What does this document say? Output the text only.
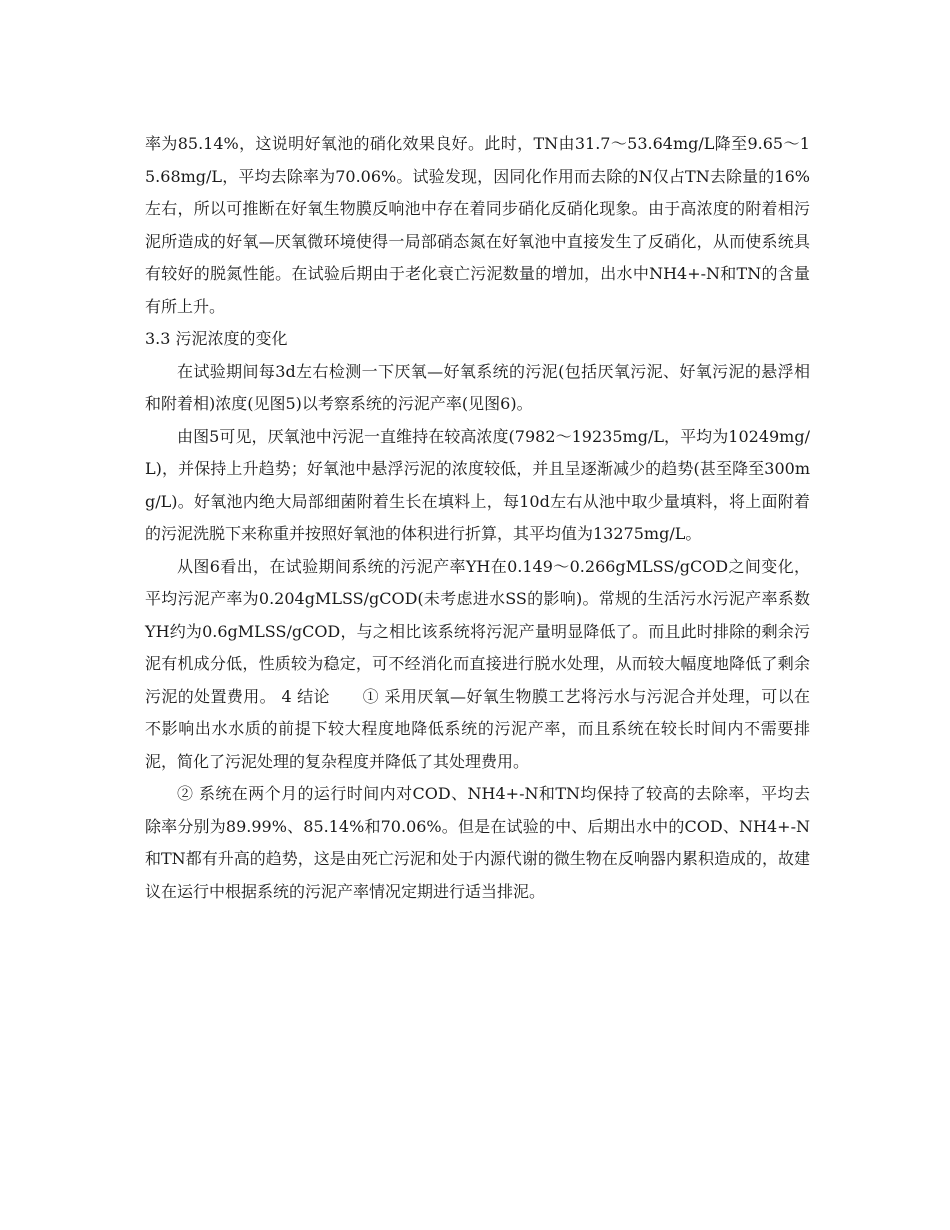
率为85.14%，这说明好氧池的硝化效果良好。此时，TN由31.7～53.64mg/L降至9.65～15.68mg/L，平均去除率为70.06%。试验发现，因同化作用而去除的N仅占TN去除量的16%左右，所以可推断在好氧生物膜反响池中存在着同步硝化反硝化现象。由于高浓度的附着相污泥所造成的好氧—厌氧微环境使得一局部硝态氮在好氧池中直接发生了反硝化，从而使系统具有较好的脱氮性能。在试验后期由于老化衰亡污泥数量的增加，出水中NH4+-N和TN的含量有所上升。

3.3 污泥浓度的变化

在试验期间每3d左右检测一下厌氧—好氧系统的污泥(包括厌氧污泥、好氧污泥的悬浮相和附着相)浓度(见图5)以考察系统的污泥产率(见图6)。

由图5可见，厌氧池中污泥一直维持在较高浓度(7982～19235mg/L，平均为10249mg/L)，并保持上升趋势；好氧池中悬浮污泥的浓度较低，并且呈逐渐减少的趋势(甚至降至300mg/L)。好氧池内绝大局部细菌附着生长在填料上，每10d左右从池中取少量填料，将上面附着的污泥洗脱下来称重并按照好氧池的体积进行折算，其平均值为13275mg/L。

从图6看出，在试验期间系统的污泥产率YH在0.149～0.266gMLSS/gCOD之间变化，平均污泥产率为0.204gMLSS/gCOD(未考虑进水SS的影响)。常规的生活污水污泥产率系数YH约为0.6gMLSS/gCOD，与之相比该系统将污泥产量明显降低了。而且此时排除的剩余污泥有机成分低，性质较为稳定，可不经消化而直接进行脱水处理，从而较大幅度地降低了剩余污泥的处置费用。 4 结论　　① 采用厌氧—好氧生物膜工艺将污水与污泥合并处理，可以在不影响出水水质的前提下较大程度地降低系统的污泥产率，而且系统在较长时间内不需要排泥，简化了污泥处理的复杂程度并降低了其处理费用。

② 系统在两个月的运行时间内对COD、NH4+-N和TN均保持了较高的去除率，平均去除率分别为89.99%、85.14%和70.06%。但是在试验的中、后期出水中的COD、NH4+-N和TN都有升高的趋势，这是由死亡污泥和处于内源代谢的微生物在反响器内累积造成的，故建议在运行中根据系统的污泥产率情况定期进行适当排泥。
